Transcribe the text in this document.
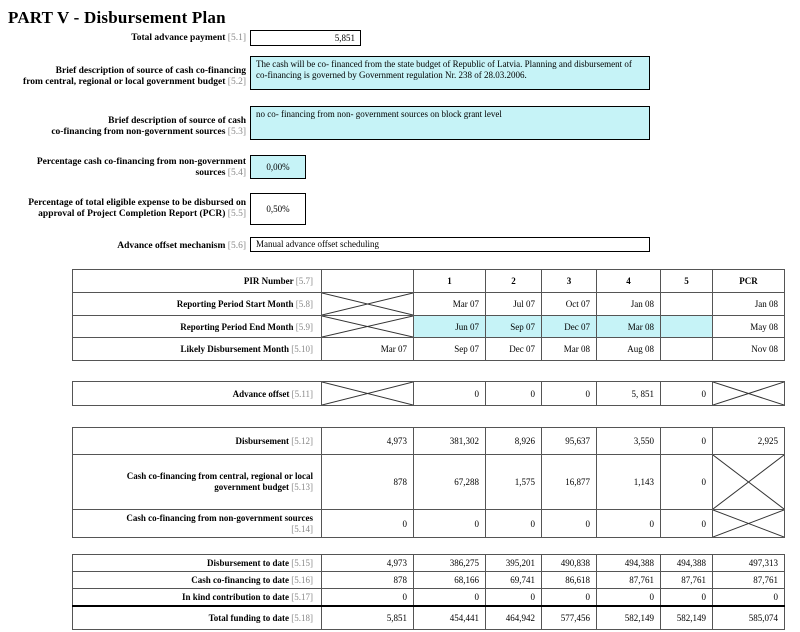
PART V - Disbursement Plan
Total advance payment [5.1]	5,851
Brief description of source of cash co-financing
from central, regional or local government budget [5.2]
The cash will be co- financed from the state budget of Republic of Latvia. Planning and disbursement of co-financing is governed by Government regulation Nr. 238 of 28.03.2006.
Brief description of source of cash
co-financing from non-government sources [5.3]
no co- financing from non- government sources on block grant level
Percentage cash co-financing from non-government
sources [5.4]
0,00%
Percentage of total eligible expense to be disbursed on
approval of Project Completion Report (PCR) [5.5]	0,50%
Advance offset mechanism [5.6]	Manual advance offset scheduling
PIR Number [5.7]		1	2	3	4	5	PCR
Reporting Period Start Month [5.8]		Mar 07	Jul 07	Oct 07	Jan 08		Jan 08
Reporting Period End Month [5.9]		Jun 07	Sep 07	Dec 07	Mar 08		May 08
Likely Disbursement Month [5.10]	Mar 07	Sep 07	Dec 07	Mar 08	Aug 08		Nov 08
Advance offset [5.11]		0	0	0	5, 851	0	
Disbursement [5.12]	4,973	381,302	8,926	95,637	3,550	0	2,925

Cash co-financing from central, regional or local
government budget [5.13]	878	67,288	1,575	16,877	1,143	0	

Cash co-financing from non-government sources
[5.14]	0	0	0	0	0	0	
Disbursement to date [5.15]	4,973	386,275	395,201	490,838	494,388	494,388	497,313
Cash co-financing to date [5.16]	878	68,166	69,741	86,618	87,761	87,761	87,761
In kind contribution to date [5.17]	0	0	0	0	0	0	0
Total funding to date [5.18]	5,851	454,441	464,942	577,456	582,149	582,149	585,074
